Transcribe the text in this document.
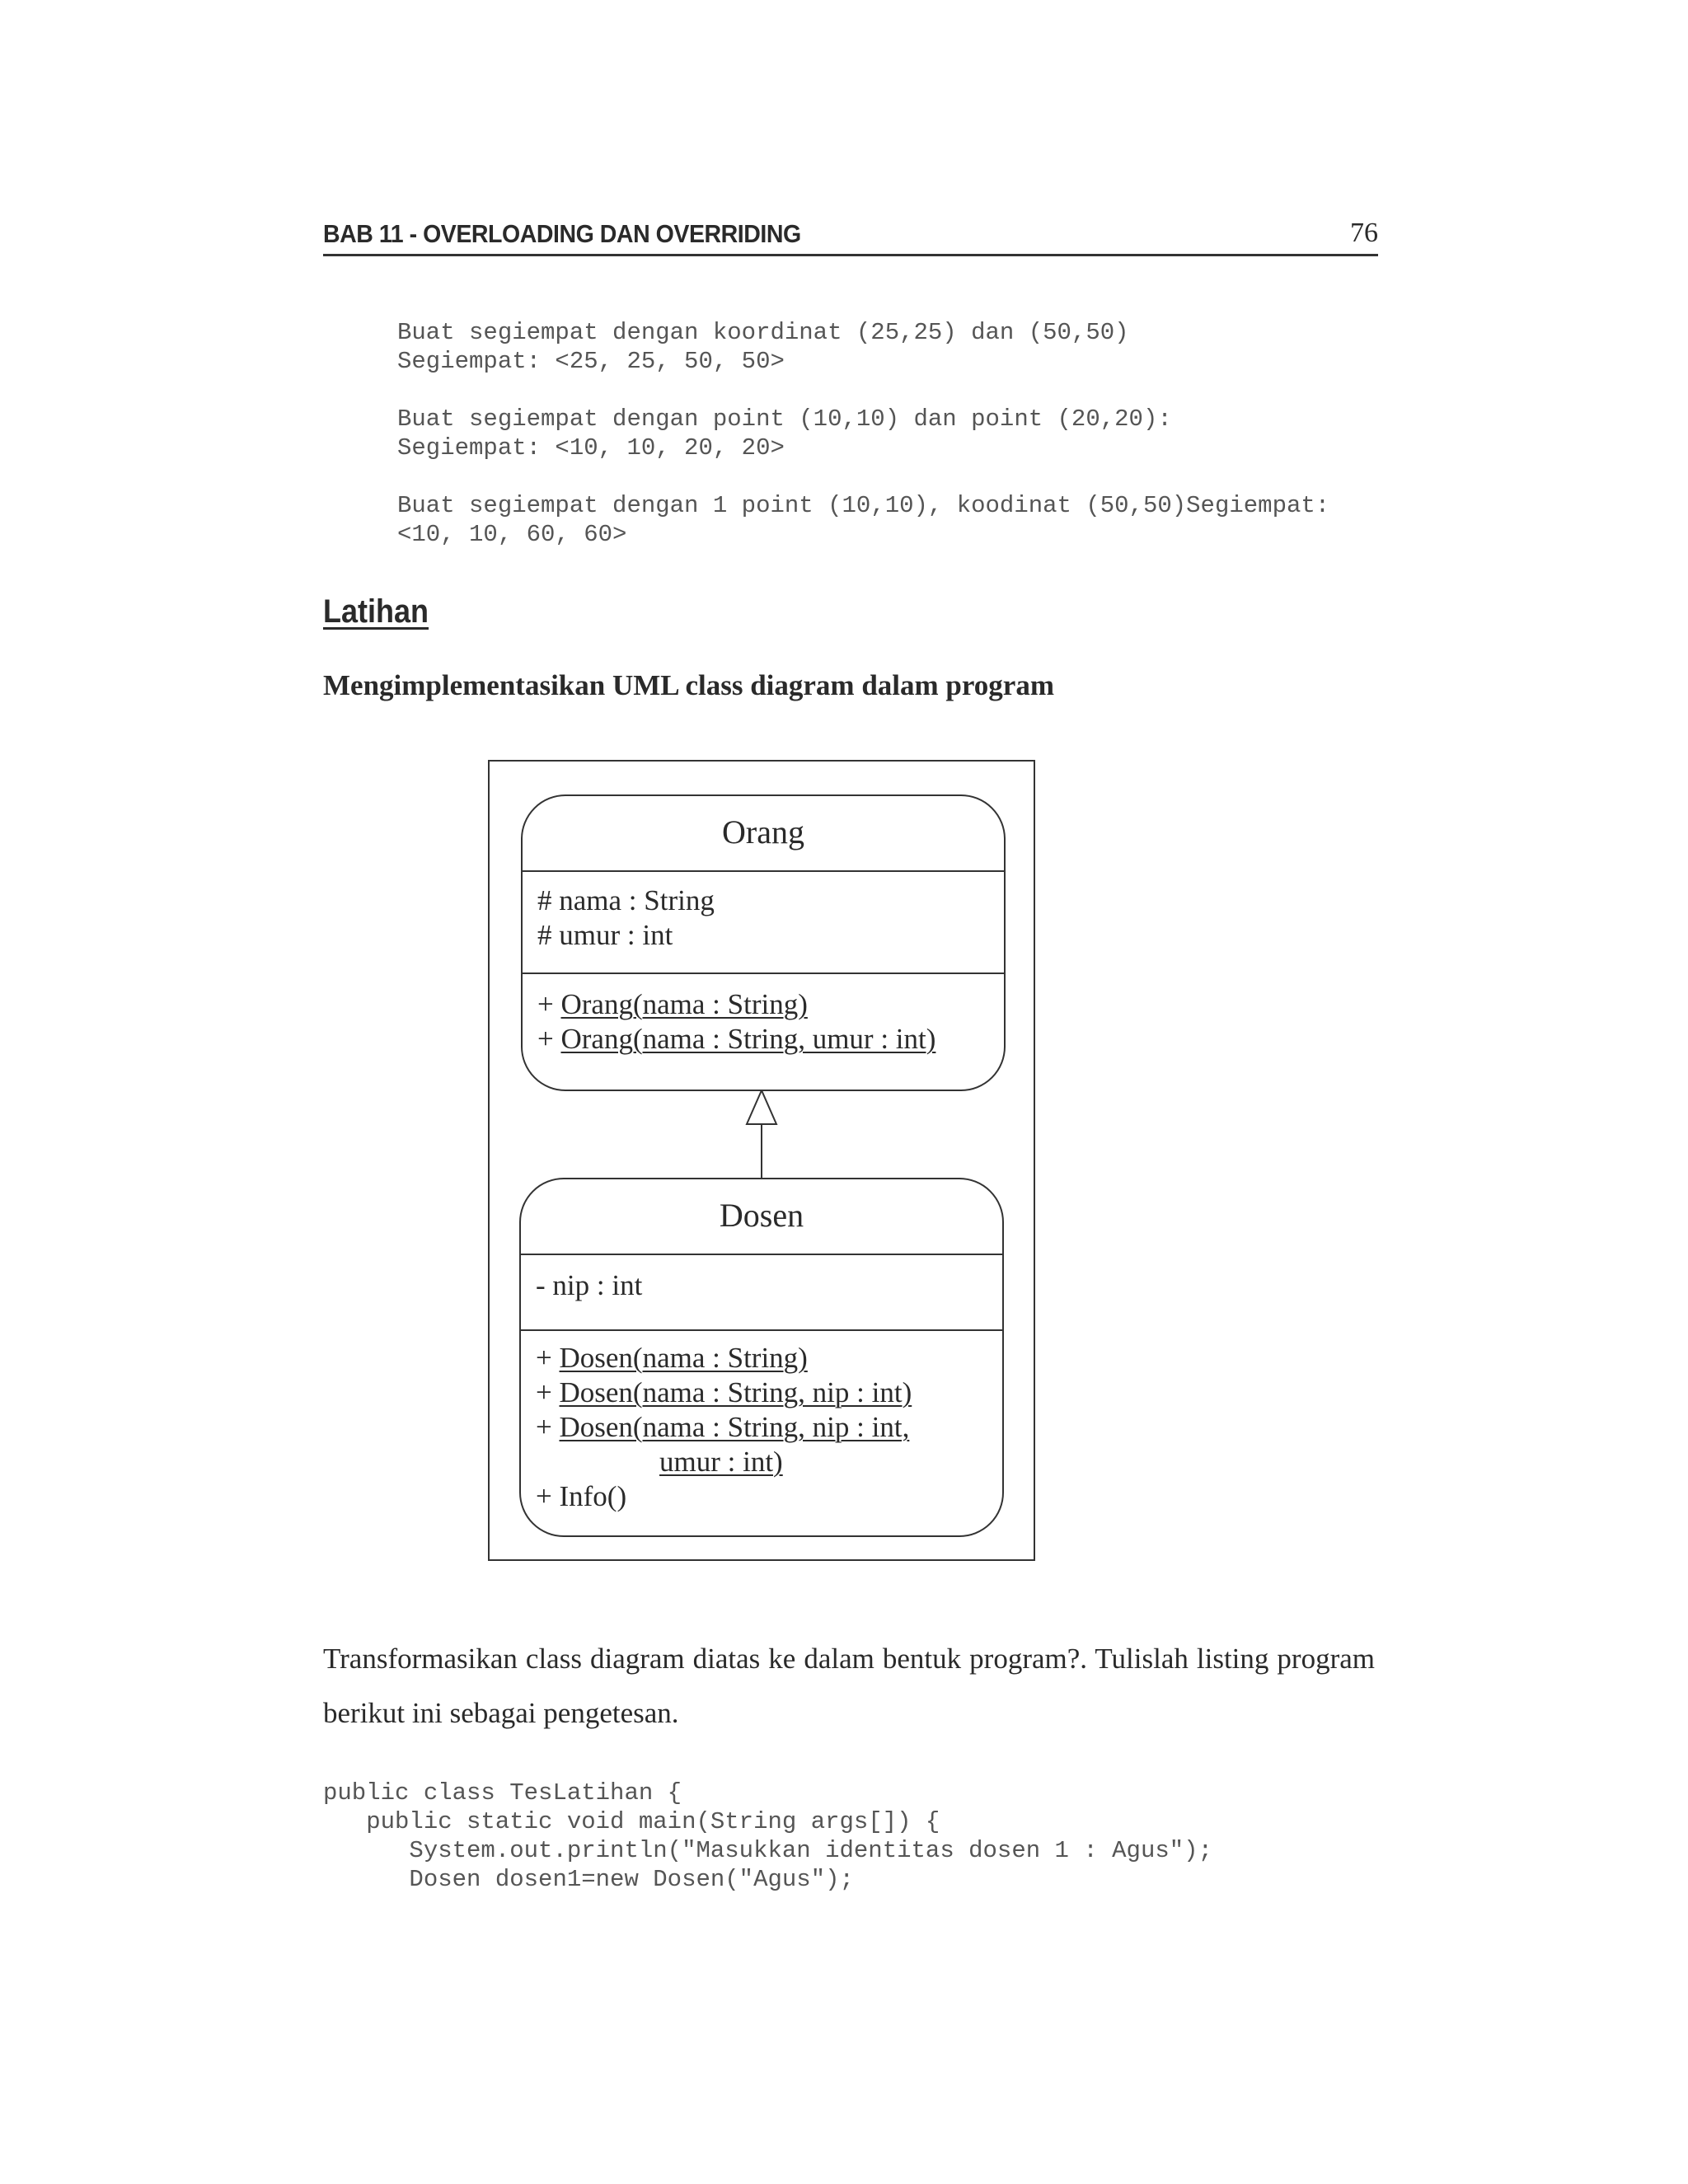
BAB 11 - OVERLOADING DAN OVERRIDING	76
Buat segiempat dengan koordinat (25,25) dan (50,50)
Segiempat: <25, 25, 50, 50>

Buat segiempat dengan point (10,10) dan point (20,20):
Segiempat: <10, 10, 20, 20>

Buat segiempat dengan 1 point (10,10), koodinat (50,50)Segiempat:
<10, 10, 60, 60>
Latihan
Mengimplementasikan UML class diagram dalam program
Orang
# nama : String
# umur : int
+ Orang(nama : String)
+ Orang(nama : String, umur : int)
Dosen
- nip : int
+ Dosen(nama : String)
+ Dosen(nama : String, nip : int)
+ Dosen(nama : String, nip : int,
umur : int)
+ Info()
Transformasikan class diagram diatas ke dalam bentuk program?. Tulislah listing program berikut ini sebagai pengetesan.
public class TesLatihan {
public static void main(String args[]) {
System.out.println("Masukkan identitas dosen 1 : Agus");
Dosen dosen1=new Dosen("Agus");
